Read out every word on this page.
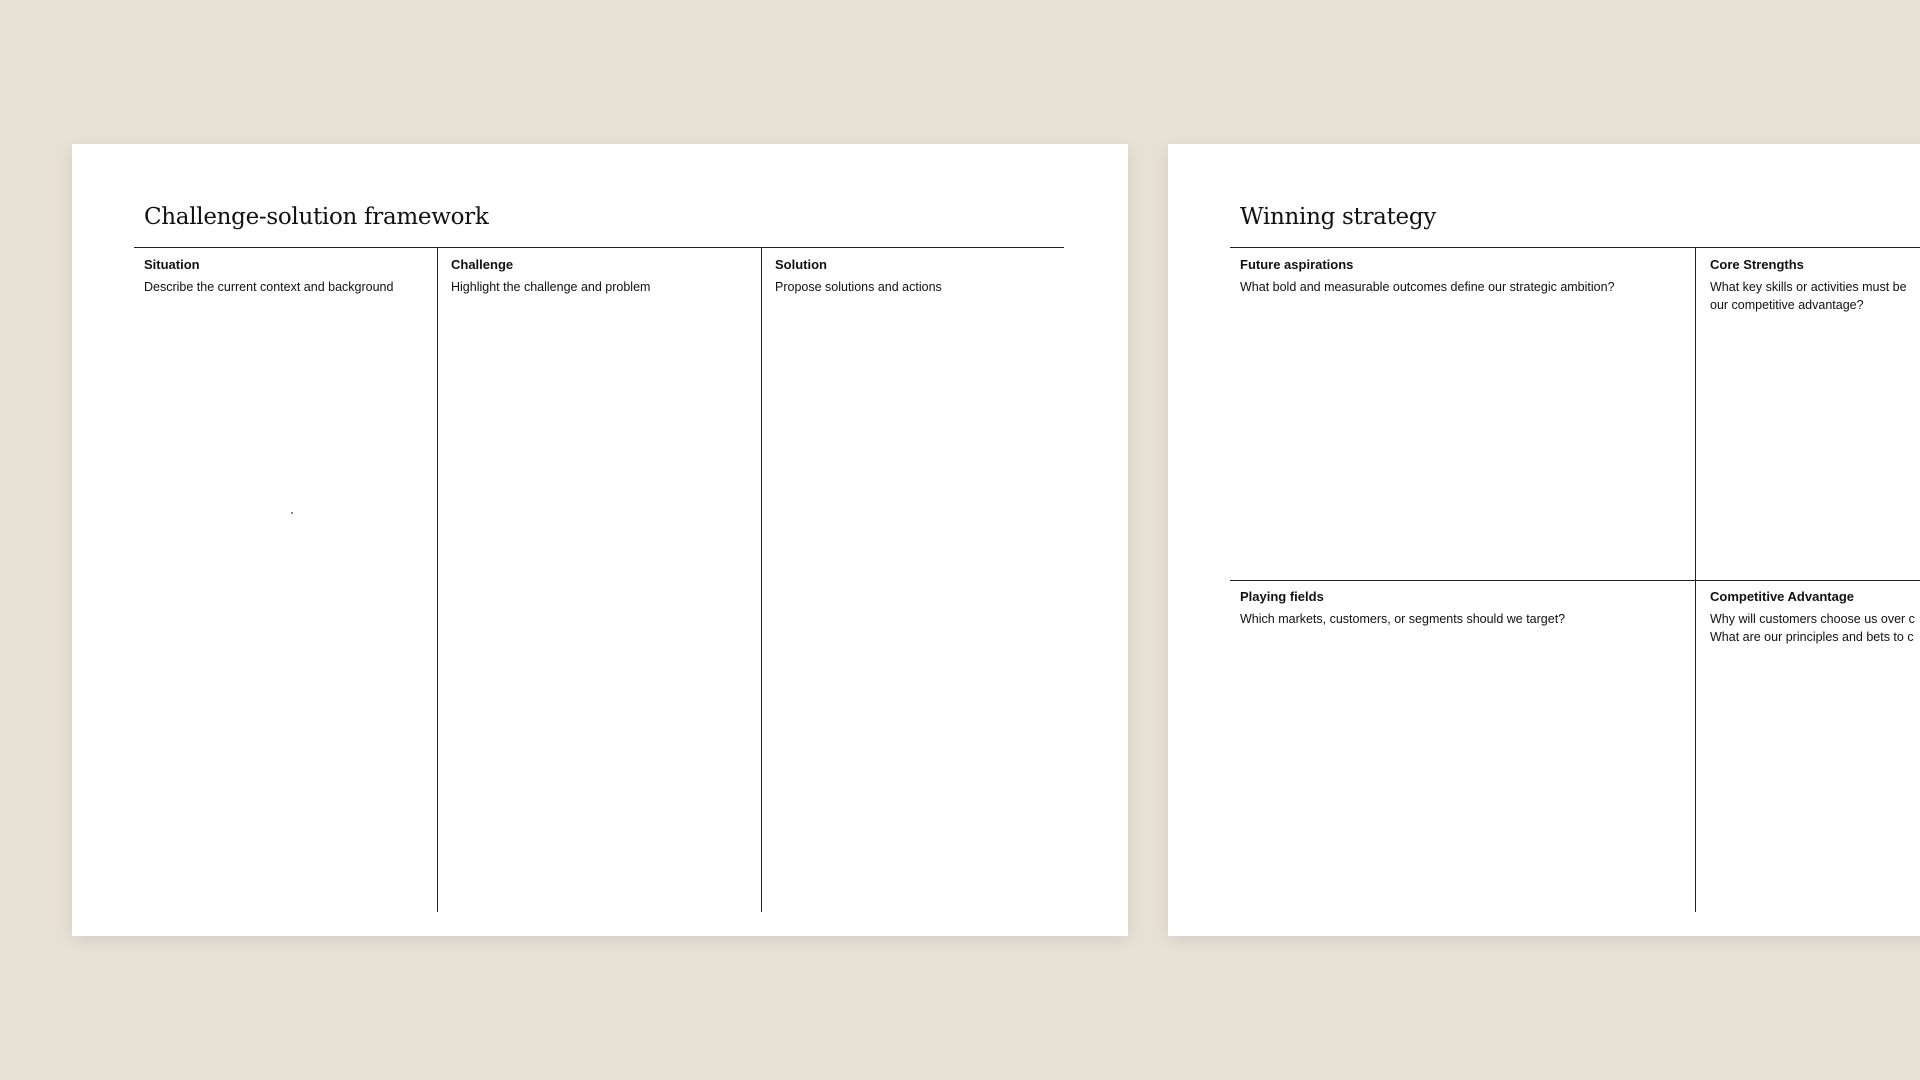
Challenge-solution framework

Situation

Describe the current context and background

Challenge

Highlight the challenge and problem

Solution

Propose solutions and actions

Winning strategy

Future aspirations

What bold and measurable outcomes define our strategic ambition?

Core Strengths

What key skills or activities must be
our competitive advantage?

Playing fields

Which markets, customers, or segments should we target?

Competitive Advantage

Why will customers choose us over c
What are our principles and bets to c
